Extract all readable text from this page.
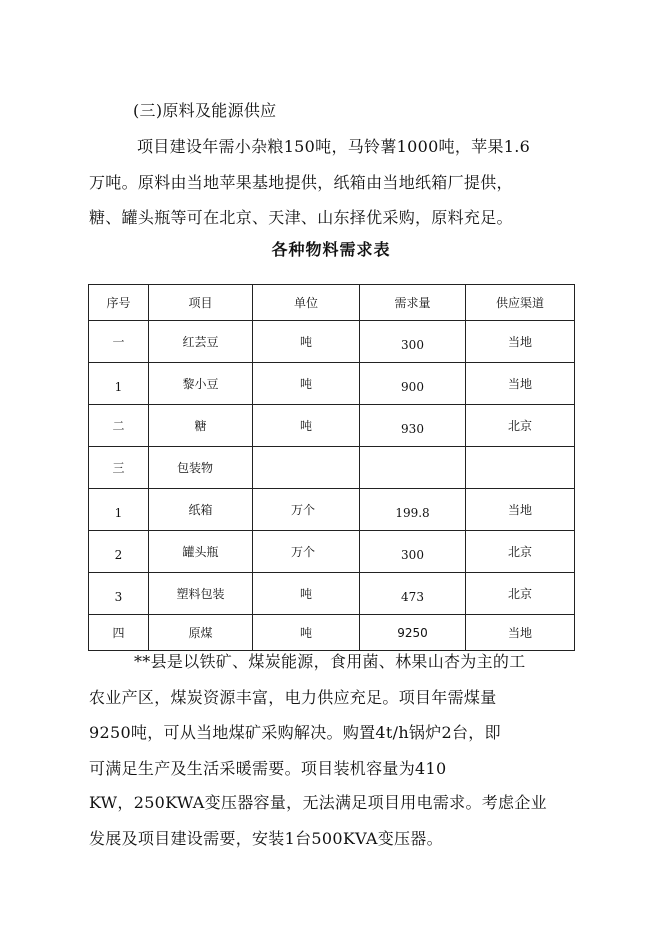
(三)原料及能源供应
项目建设年需小杂粮150吨，马铃薯1000吨，苹果1.6
万吨。原料由当地苹果基地提供，纸箱由当地纸箱厂提供，
糖、罐头瓶等可在北京、天津、山东择优采购，原料充足。
各种物料需求表
序号	项目	单位	需求量	供应渠道
一	红芸豆	吨	300	当地
1	黎小豆	吨	900	当地
二	糖	吨	930	北京
三	包装物			
1	纸箱	万个	199.8	当地
2	罐头瓶	万个	300	北京
3	塑料包装	吨	473	北京
四	原煤	吨	9250	当地
**县是以铁矿、煤炭能源，食用菌、林果山杏为主的工
农业产区，煤炭资源丰富，电力供应充足。项目年需煤量
9250吨，可从当地煤矿采购解决。购置4t/h锅炉2台，即
可满足生产及生活采暖需要。项目装机容量为410
KW，250KWA变压器容量，无法满足项目用电需求。考虑企业
发展及项目建设需要，安装1台500KVA变压器。
